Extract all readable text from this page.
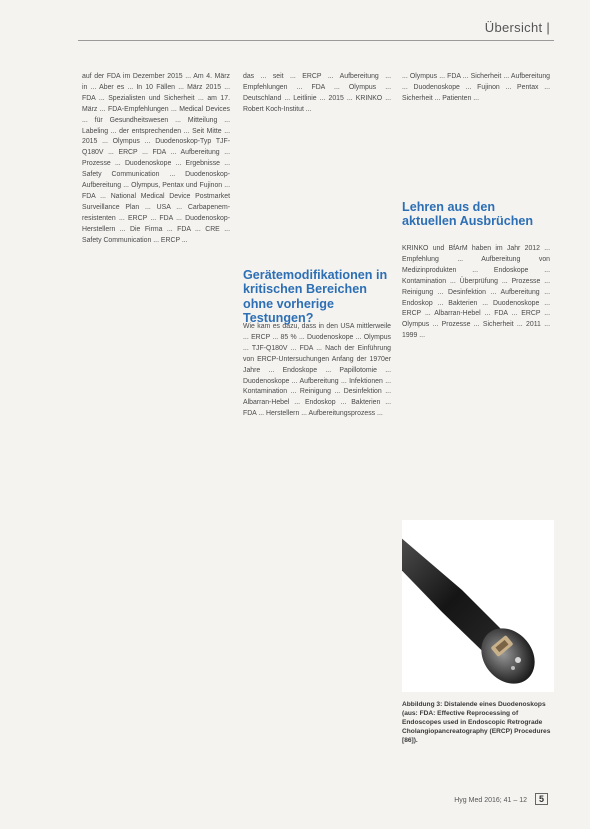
Übersicht |

auf der FDA im Dezember 2015 ... Am 4. März in ... Aber es ... In 10 Fällen ... März 2015 ... FDA ... Spezialisten und Sicherheit ... am 17. März ... FDA-Empfehlungen ... Medical Devices ... für Gesundheitswesen ... Mitteilung ... Labeling ... der entsprechenden ... Seit Mitte ... 2015 ... Olympus ... Duodenoskop-Typ TJF-Q180V ... ERCP ... FDA ... Aufbereitung ... Prozesse ... Duodenoskope ... Ergebnisse ... Safety Communication ... Duodenoskop-Aufbereitung ... Olympus, Pentax und Fujinon ... FDA ... National Medical Device Postmarket Surveillance Plan ... USA ... Carbapenem-resistenten ... ERCP ... FDA ... Duodenoskop-Herstellern ... Die Firma ... FDA ... CRE ... Safety Communication ... ERCP ...

das ... seit ... ERCP ... Aufbereitung ... Empfehlungen ... FDA ... Olympus ... Deutschland ... Leitlinie ... 2015 ... KRINKO ... Robert Koch-Institut ...

Gerätemodifikationen in kritischen Bereichen ohne vorherige Testungen?

Wie kam es dazu, dass in den USA mittlerweile ... ERCP ... 85 % ... Duodenoskope ... Olympus ... TJF-Q180V ... FDA ... Nach der Einführung von ERCP-Untersuchungen Anfang der 1970er Jahre ... Endoskope ... Papillotomie ... Duodenoskope ... Aufbereitung ... Infektionen ... Kontamination ... Reinigung ... Desinfektion ... Albarran-Hebel ... Endoskop ... Bakterien ... FDA ... Herstellern ... Aufbereitungsprozess ...

... Olympus ... FDA ... Sicherheit ... Aufbereitung ... Duodenoskope ... Fujinon ... Pentax ... Sicherheit ... Patienten ...

Lehren aus den aktuellen Ausbrüchen

KRINKO und BfArM haben im Jahr 2012 ... Empfehlung ... Aufbereitung von Medizinprodukten ... Endoskope ... Kontamination ... Überprüfung ... Prozesse ... Reinigung ... Desinfektion ... Aufbereitung ... Endoskop ... Bakterien ... Duodenoskope ... ERCP ... Albarran-Hebel ... FDA ... ERCP ... Olympus ... Prozesse ... Sicherheit ... 2011 ... 1999 ...

Abbildung 3: Distalende eines Duodenoskops (aus: FDA: Effective Reprocessing of Endoscopes used in Endoscopic Retrograde Cholangiopancreatography (ERCP) Procedures [86]).
Hyg Med 2016; 41 – 12 5
